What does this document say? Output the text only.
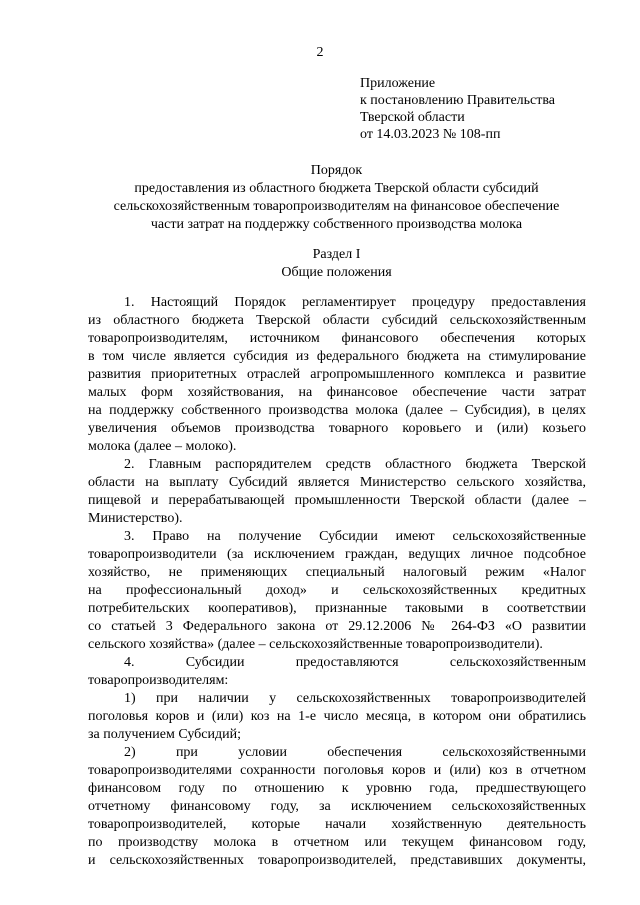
2
Приложение
к постановлению Правительства
Тверской области
от 14.03.2023 № 108-пп
Порядок
предоставления из областного бюджета Тверской области субсидий
сельскохозяйственным товаропроизводителям на финансовое обеспечение
части затрат на поддержку собственного производства молока
Раздел I
Общие положения
1. Настоящий Порядок регламентирует процедуру предоставления
из областного бюджета Тверской области субсидий сельскохозяйственным
товаропроизводителям, источником финансового обеспечения которых
в том числе является субсидия из федерального бюджета на стимулирование
развития приоритетных отраслей агропромышленного комплекса и развитие
малых форм хозяйствования, на финансовое обеспечение части затрат
на поддержку собственного производства молока (далее – Субсидия), в целях
увеличения объемов производства товарного коровьего и (или) козьего
молока (далее – молоко).
2. Главным распорядителем средств областного бюджета Тверской
области на выплату Субсидий является Министерство сельского хозяйства,
пищевой и перерабатывающей промышленности Тверской области (далее –
Министерство).
3. Право на получение Субсидии имеют сельскохозяйственные
товаропроизводители (за исключением граждан, ведущих личное подсобное
хозяйство, не применяющих специальный налоговый режим «Налог
на профессиональный доход» и сельскохозяйственных кредитных
потребительских кооперативов), признанные таковыми в соответствии
со статьей 3 Федерального закона от 29.12.2006 № 264-ФЗ «О развитии
сельского хозяйства» (далее – сельскохозяйственные товаропроизводители).
4. Субсидии предоставляются сельскохозяйственным
товаропроизводителям:
1) при наличии у сельскохозяйственных товаропроизводителей
поголовья коров и (или) коз на 1-е число месяца, в котором они обратились
за получением Субсидий;
2) при условии обеспечения сельскохозяйственными
товаропроизводителями сохранности поголовья коров и (или) коз в отчетном
финансовом году по отношению к уровню года, предшествующего
отчетному финансовому году, за исключением сельскохозяйственных
товаропроизводителей, которые начали хозяйственную деятельность
по производству молока в отчетном или текущем финансовом году,
и сельскохозяйственных товаропроизводителей, представивших документы,
